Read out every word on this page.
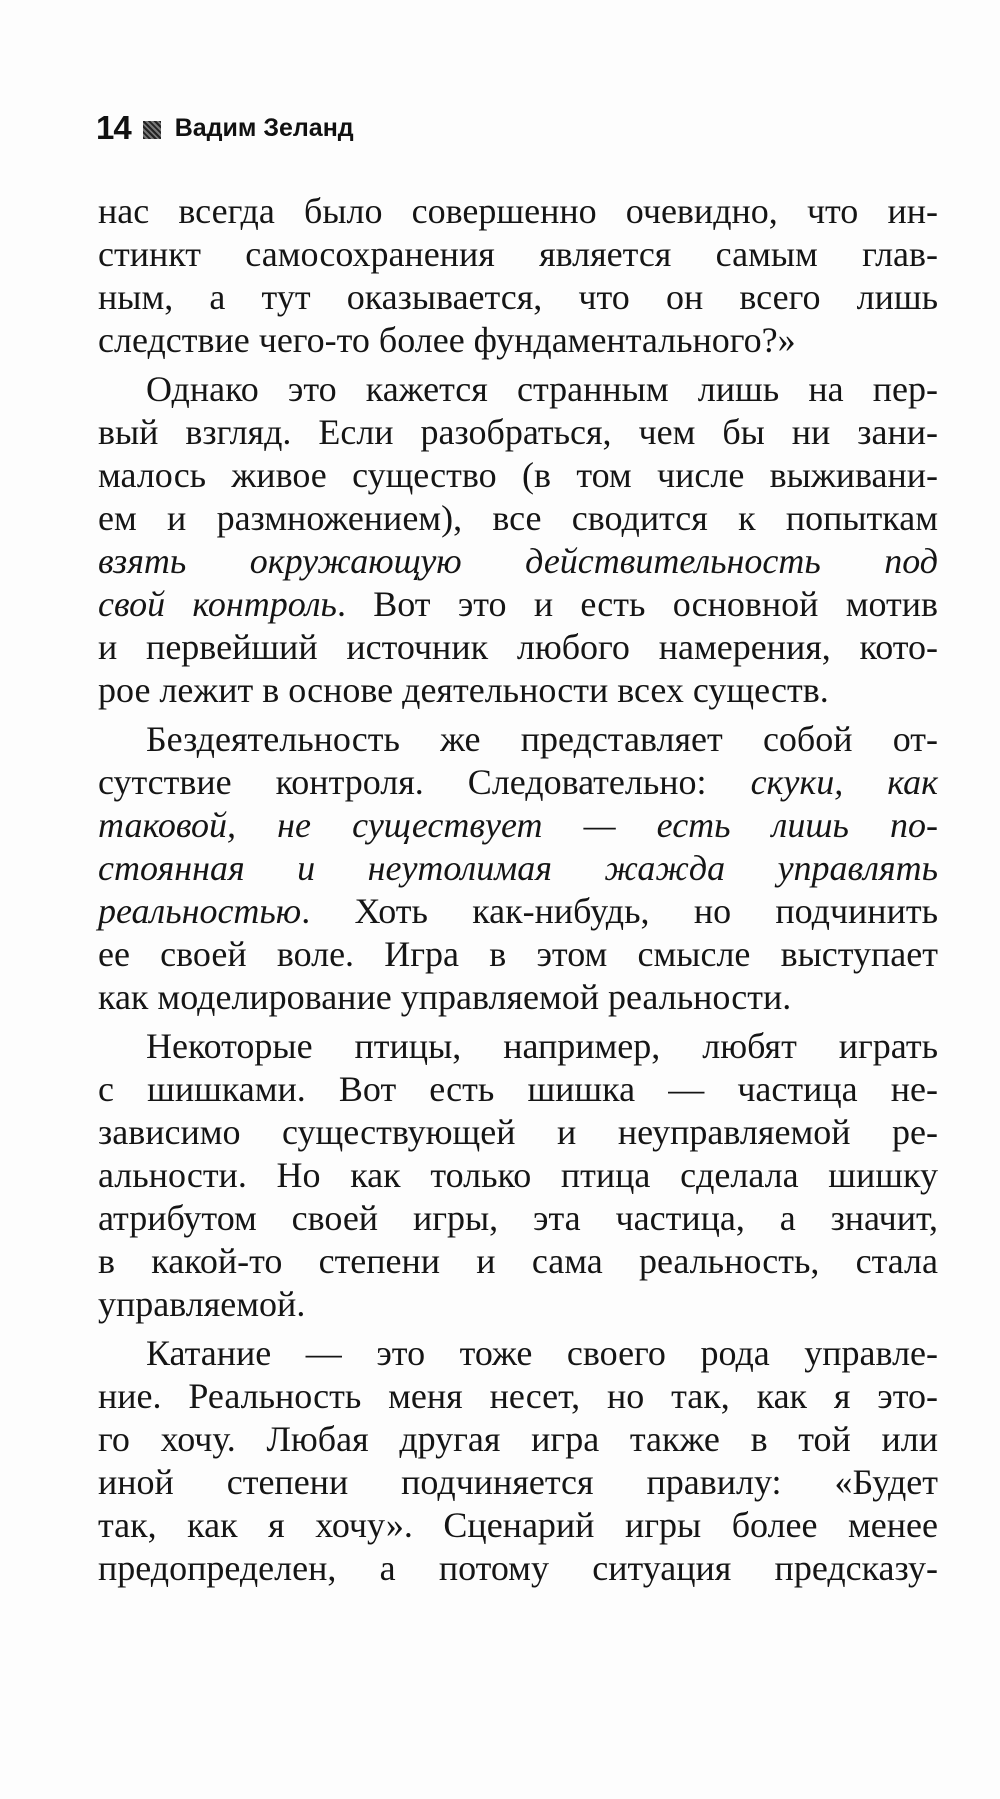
14 Вадим Зеланд
нас всегда было совершенно очевидно, что ин-
стинкт самосохранения является самым глав-
ным, а тут оказывается, что он всего лишь
следствие чего-то более фундаментального?»
Однако это кажется странным лишь на пер-
вый взгляд. Если разобраться, чем бы ни зани-
малось живое существо (в том числе выживани-
ем и размножением), все сводится к попыткам
взять окружающую действительность под
свой контроль. Вот это и есть основной мотив
и первейший источник любого намерения, кото-
рое лежит в основе деятельности всех существ.
Бездеятельность же представляет собой от-
сутствие контроля. Следовательно: скуки, как
таковой, не существует — есть лишь по-
стоянная и неутолимая жажда управлять
реальностью. Хоть как-нибудь, но подчинить
ее своей воле. Игра в этом смысле выступает
как моделирование управляемой реальности.
Некоторые птицы, например, любят играть
с шишками. Вот есть шишка — частица не-
зависимо существующей и неуправляемой ре-
альности. Но как только птица сделала шишку
атрибутом своей игры, эта частица, а значит,
в какой-то степени и сама реальность, стала
управляемой.
Катание — это тоже своего рода управле-
ние. Реальность меня несет, но так, как я это-
го хочу. Любая другая игра также в той или
иной степени подчиняется правилу: «Будет
так, как я хочу». Сценарий игры более менее
предопределен, а потому ситуация предсказу-
